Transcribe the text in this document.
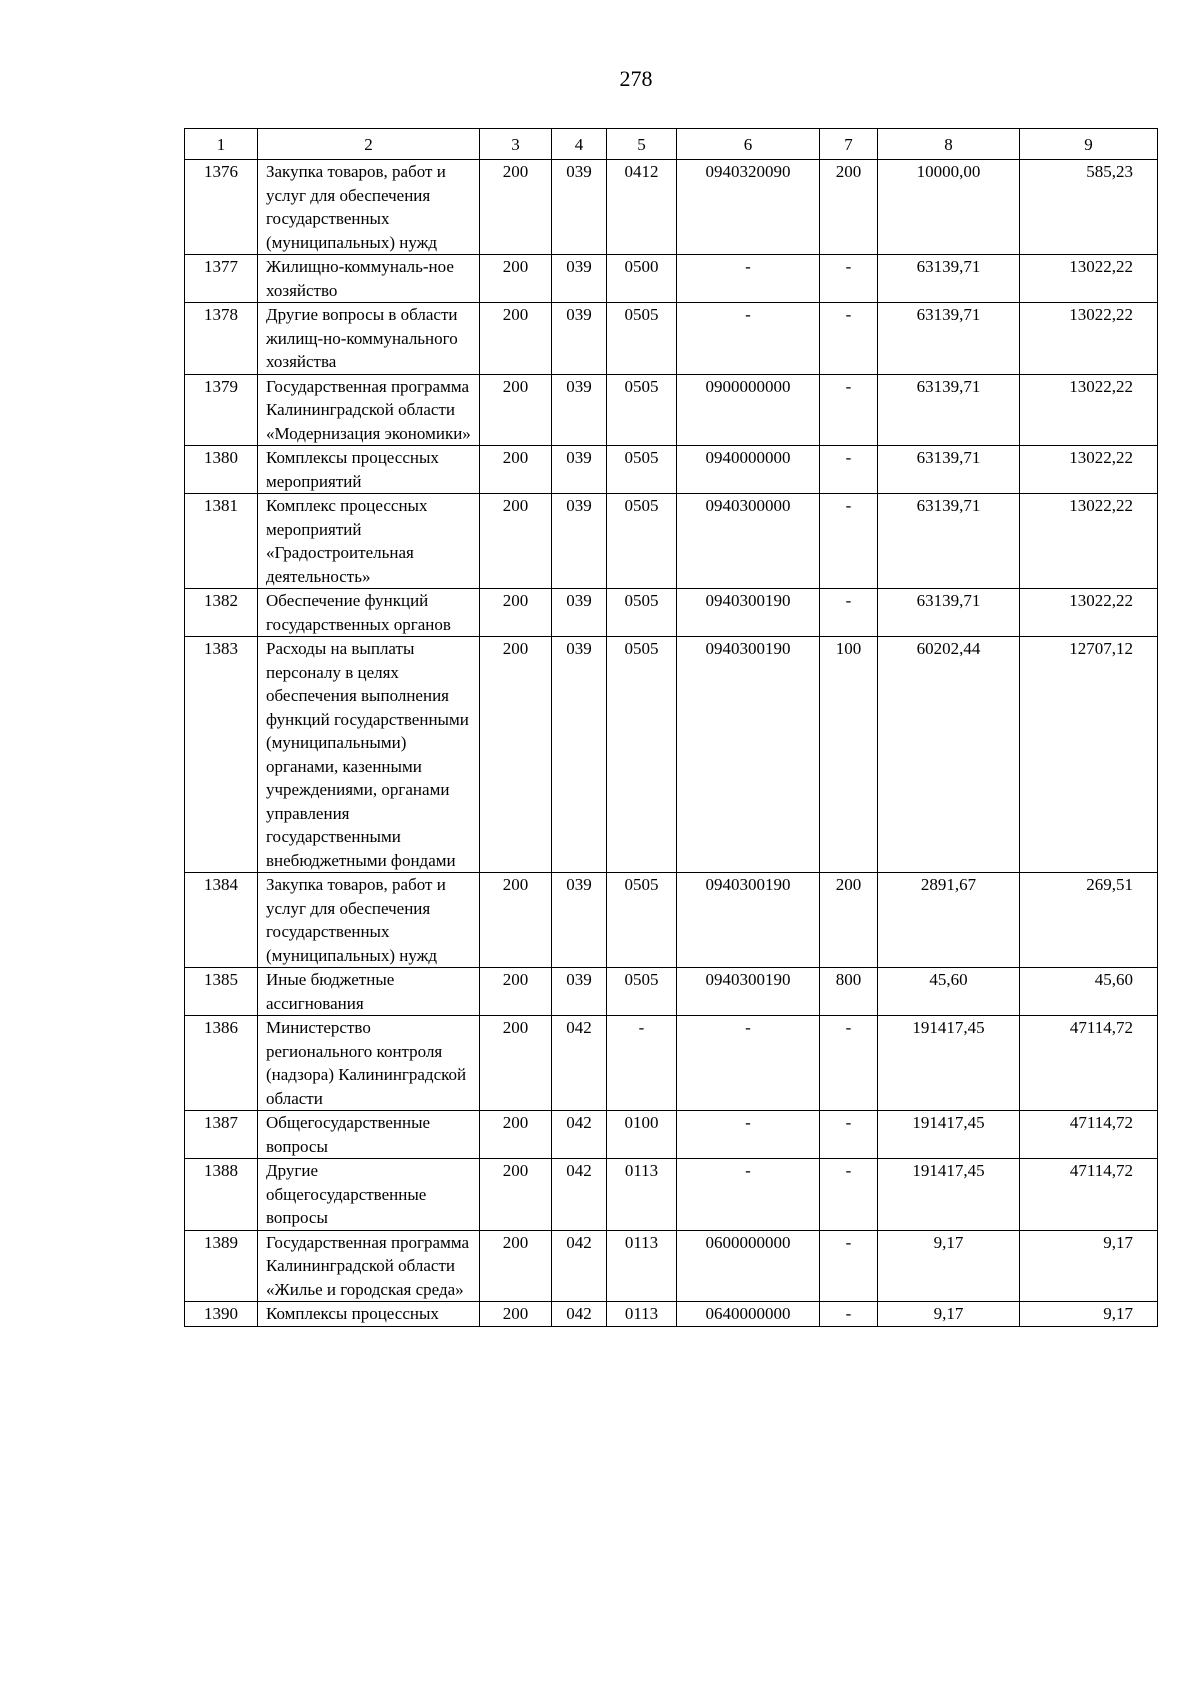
278
1	2	3	4	5	6	7	8	9
1376	Закупка товаров, работ и услуг для обеспечения государственных (муниципальных) нужд	200	039	0412	0940320090	200	10000,00	585,23
1377	Жилищно-коммуналь-ное хозяйство	200	039	0500	-	-	63139,71	13022,22
1378	Другие вопросы в области жилищ-но-коммунального хозяйства	200	039	0505	-	-	63139,71	13022,22
1379	Государственная программа Калининградской области «Модернизация экономики»	200	039	0505	0900000000	-	63139,71	13022,22
1380	Комплексы процессных мероприятий	200	039	0505	0940000000	-	63139,71	13022,22
1381	Комплекс процессных мероприятий «Градостроительная деятельность»	200	039	0505	0940300000	-	63139,71	13022,22
1382	Обеспечение функций государственных органов	200	039	0505	0940300190	-	63139,71	13022,22
1383	Расходы на выплаты персоналу в целях обеспечения выполнения функций государственными (муниципальными) органами, казенными учреждениями, органами управления государственными внебюджетными фондами	200	039	0505	0940300190	100	60202,44	12707,12
1384	Закупка товаров, работ и услуг для обеспечения государственных (муниципальных) нужд	200	039	0505	0940300190	200	2891,67	269,51
1385	Иные бюджетные ассигнования	200	039	0505	0940300190	800	45,60	45,60
1386	Министерство регионального контроля (надзора) Калининградской области	200	042	-	-	-	191417,45	47114,72
1387	Общегосударственные вопросы	200	042	0100	-	-	191417,45	47114,72
1388	Другие общегосударственные вопросы	200	042	0113	-	-	191417,45	47114,72
1389	Государственная программа Калининградской области «Жилье и городская среда»	200	042	0113	0600000000	-	9,17	9,17
1390	Комплексы процессных	200	042	0113	0640000000	-	9,17	9,17
